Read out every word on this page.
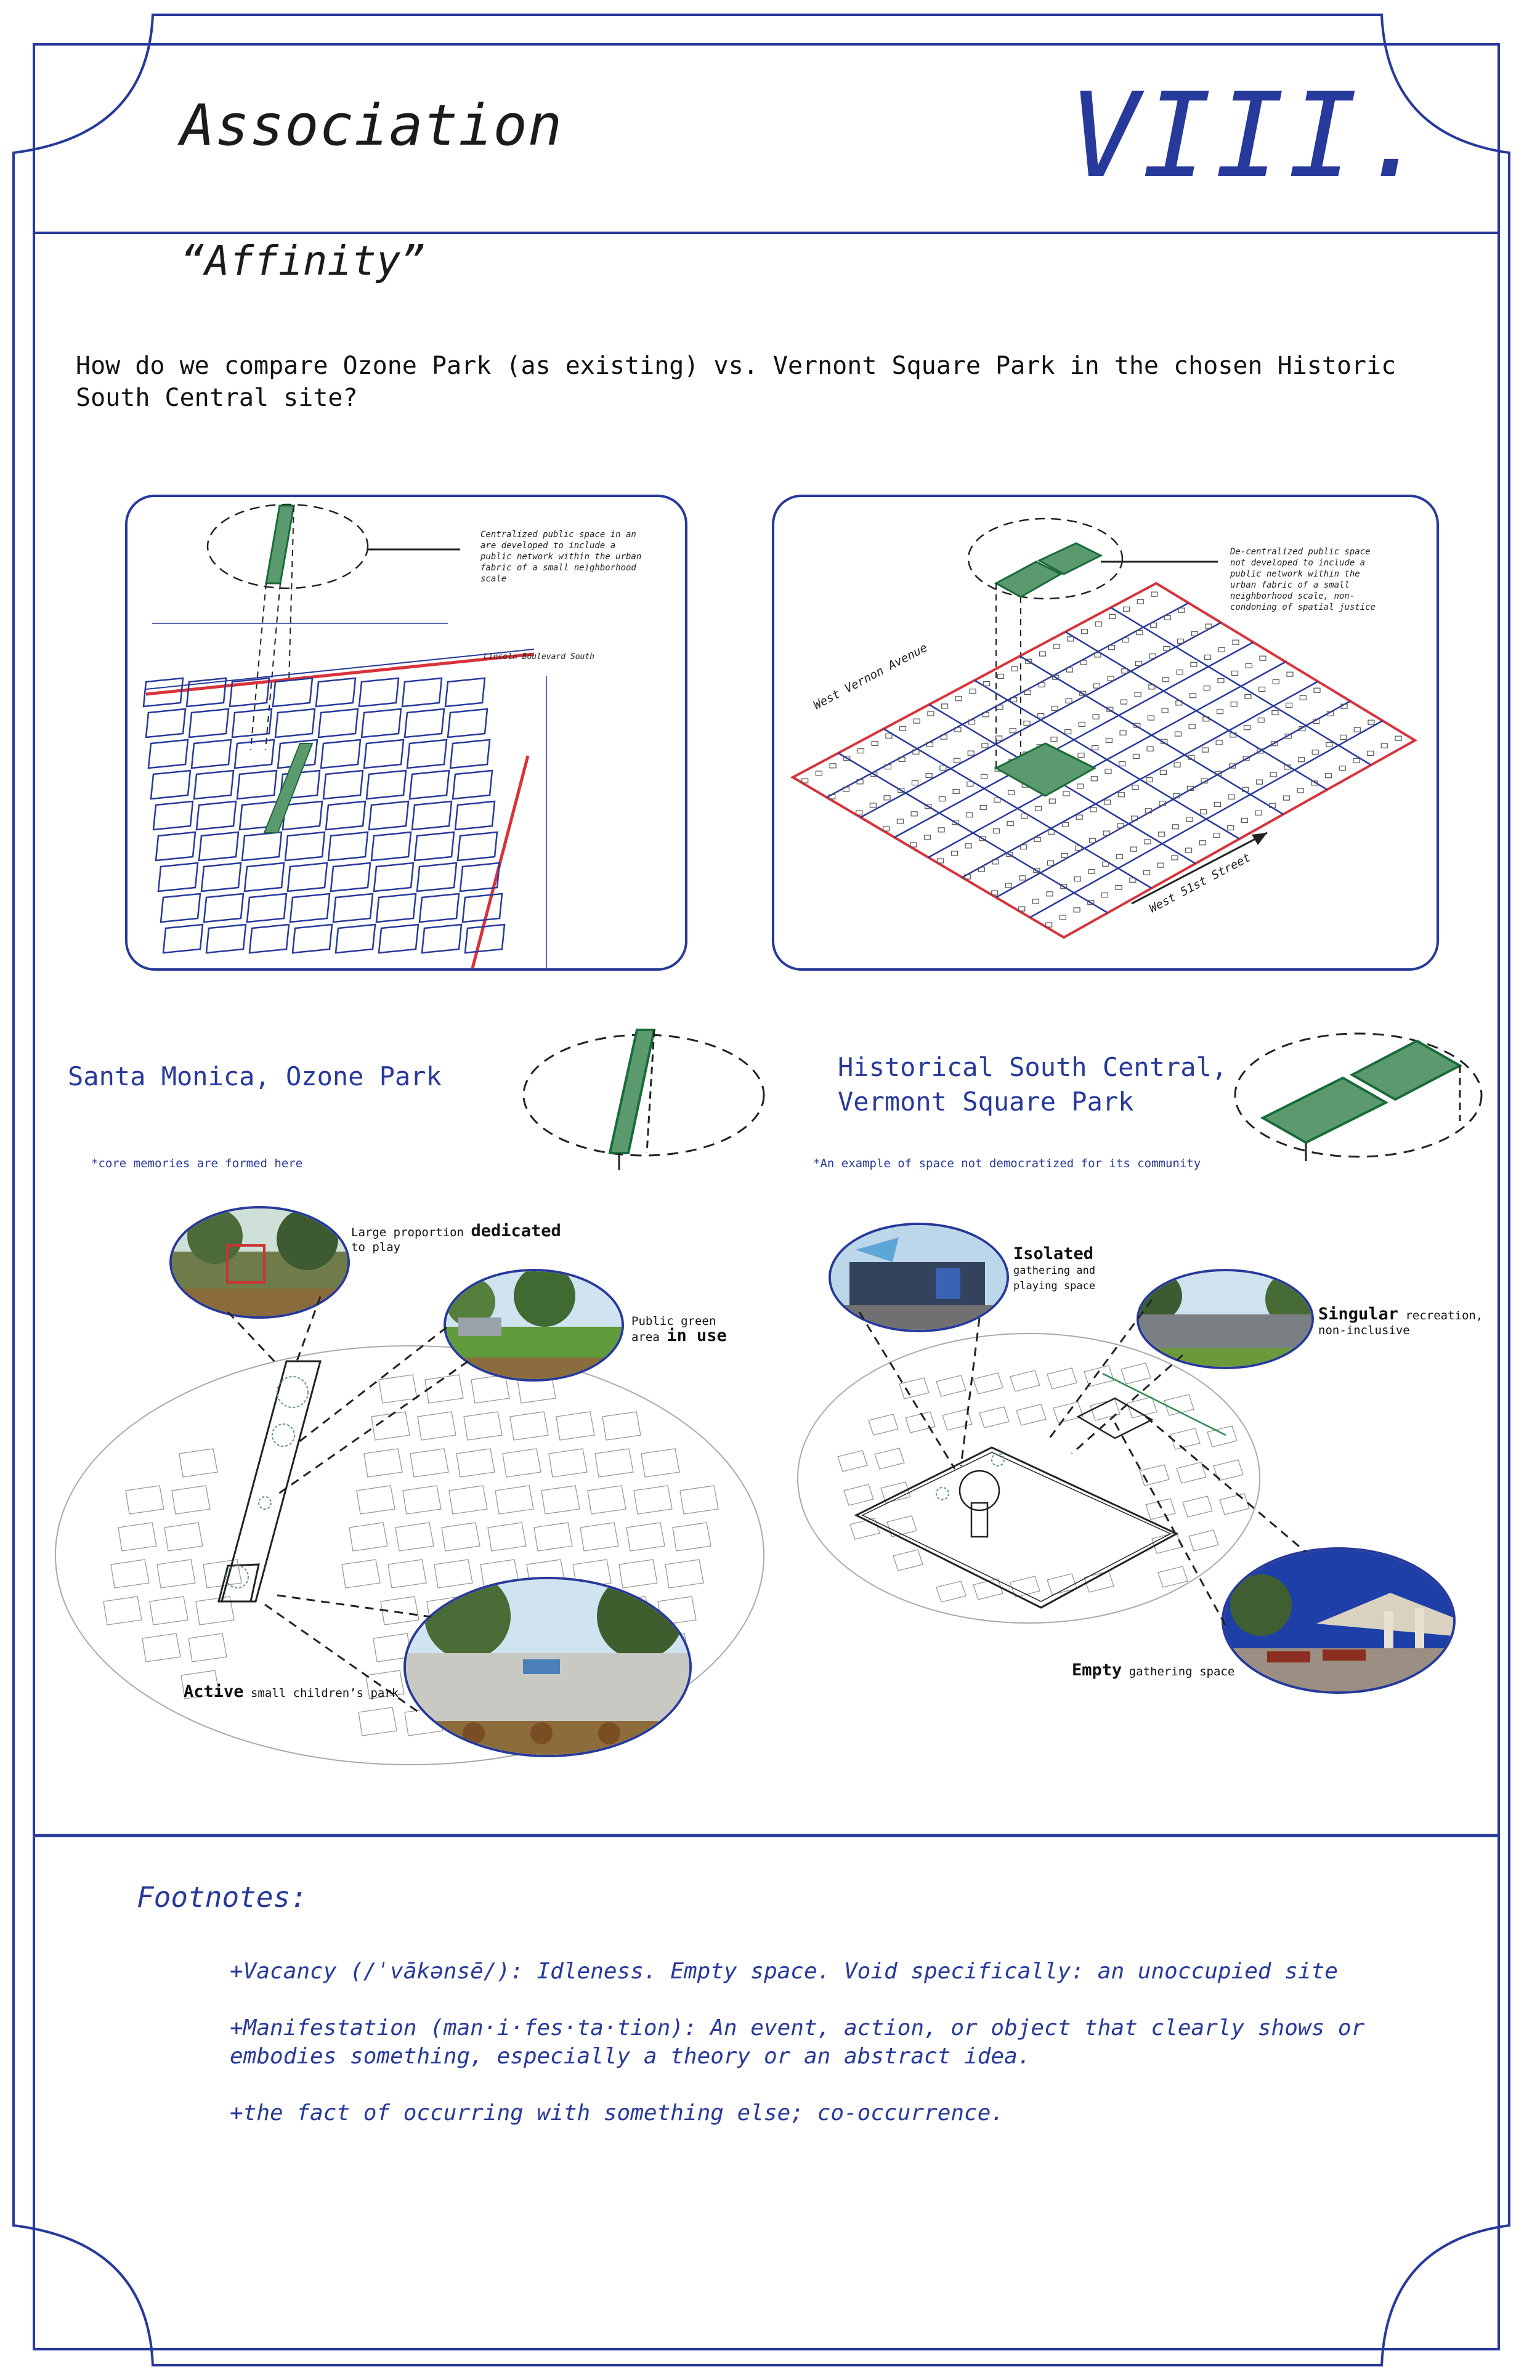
Association	VIII.
“Affinity”
How do we compare Ozone Park (as existing) vs. Vernont Square Park in the chosen Historic South Central site?
Centralized public space in an are developed to include a public network within the urban fabric of a small neighborhood scale
Lincoln Boulevard South
De-centralized public space not developed to include a public network within the urban fabric of a small neighborhood scale, non-condoning of spatial justice
West Vernon Avenue
West 51st Street
Santa Monica, Ozone Park
*core memories are formed here
Large proportion dedicated to play
Public green area in use
Active small children’s park
Historical South Central,
Vermont Square Park
*An example of space not democratized for its community
Isolated
gathering and playing space
Singular recreation, non-inclusive
Empty gathering space
Footnotes:
+Vacancy (/ˈvākənsē/): Idleness. Empty space. Void specifically: an unoccupied site
+Manifestation (man·i·fes·ta·tion): An event, action, or object that clearly shows or embodies something, especially a theory or an abstract idea.
+the fact of occurring with something else; co-occurrence.
